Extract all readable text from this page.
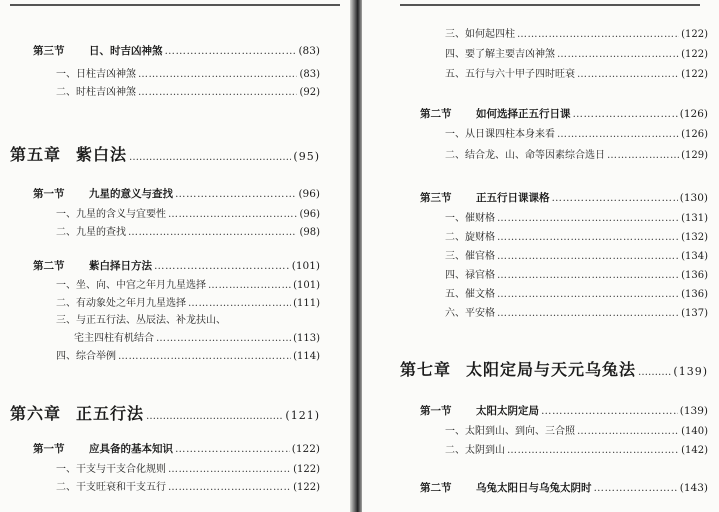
第三节	日、时吉凶神煞 ………………………………………………………………………………………………………………………………………	(83)
一、日柱吉凶神煞 ………………………………………………………………………………………………………………………………………	(83)
二、时柱吉凶神煞 ………………………………………………………………………………………………………………………………………	(92)
第五章 紫白法 ………………………………………………………………………………………………………………………………………	(95)
第一节	九星的意义与查找 ………………………………………………………………………………………………………………………………………	(96)
一、九星的含义与宜要性 ………………………………………………………………………………………………………………………………………	(96)
二、九星的查找 ………………………………………………………………………………………………………………………………………	(98)
第二节	紫白择日方法 ………………………………………………………………………………………………………………………………………	(101)
一、坐、向、中宫之年月九星选择 ………………………………………………………………………………………………………………………………………	(101)
二、有动象处之年月九星选择 ………………………………………………………………………………………………………………………………………	(111)
三、与正五行法、丛辰法、补龙扶山、
宅主四柱有机结合 ………………………………………………………………………………………………………………………………………	(113)
四、综合举例 ………………………………………………………………………………………………………………………………………	(114)
第六章 正五行法 ………………………………………………………………………………………………………………………………………	(121)
第一节	应具备的基本知识 ………………………………………………………………………………………………………………………………………	(122)
一、干支与干支合化规则 ………………………………………………………………………………………………………………………………………	(122)
二、干支旺衰和干支五行 ………………………………………………………………………………………………………………………………………	(122)
三、如何起四柱 ………………………………………………………………………………………………………………………………………	(122)
四、要了解主要吉凶神煞 ………………………………………………………………………………………………………………………………………	(122)
五、五行与六十甲子四时旺衰 ………………………………………………………………………………………………………………………………………	(122)
第二节	如何选择正五行日课 ………………………………………………………………………………………………………………………………………	(126)
一、从日课四柱本身来看 ………………………………………………………………………………………………………………………………………	(126)
二、结合龙、山、命等因素综合选日 ………………………………………………………………………………………………………………………………………	(129)
第三节	正五行日课课格 ………………………………………………………………………………………………………………………………………	(130)
一、催财格 ………………………………………………………………………………………………………………………………………	(131)
二、旋财格 ………………………………………………………………………………………………………………………………………	(132)
三、催官格 ………………………………………………………………………………………………………………………………………	(134)
四、禄官格 ………………………………………………………………………………………………………………………………………	(136)
五、催文格 ………………………………………………………………………………………………………………………………………	(136)
六、平安格 ………………………………………………………………………………………………………………………………………	(137)
第七章 太阳定局与天元乌兔法 ………………………………………………………………………………………………………………………………………	(139)
第一节	太阳太阴定局 ………………………………………………………………………………………………………………………………………	(139)
一、太阳到山、到向、三合照 ………………………………………………………………………………………………………………………………………	(140)
二、太阴到山 ………………………………………………………………………………………………………………………………………	(142)
第二节	乌兔太阳日与乌兔太阴时 ………………………………………………………………………………………………………………………………………	(143)
